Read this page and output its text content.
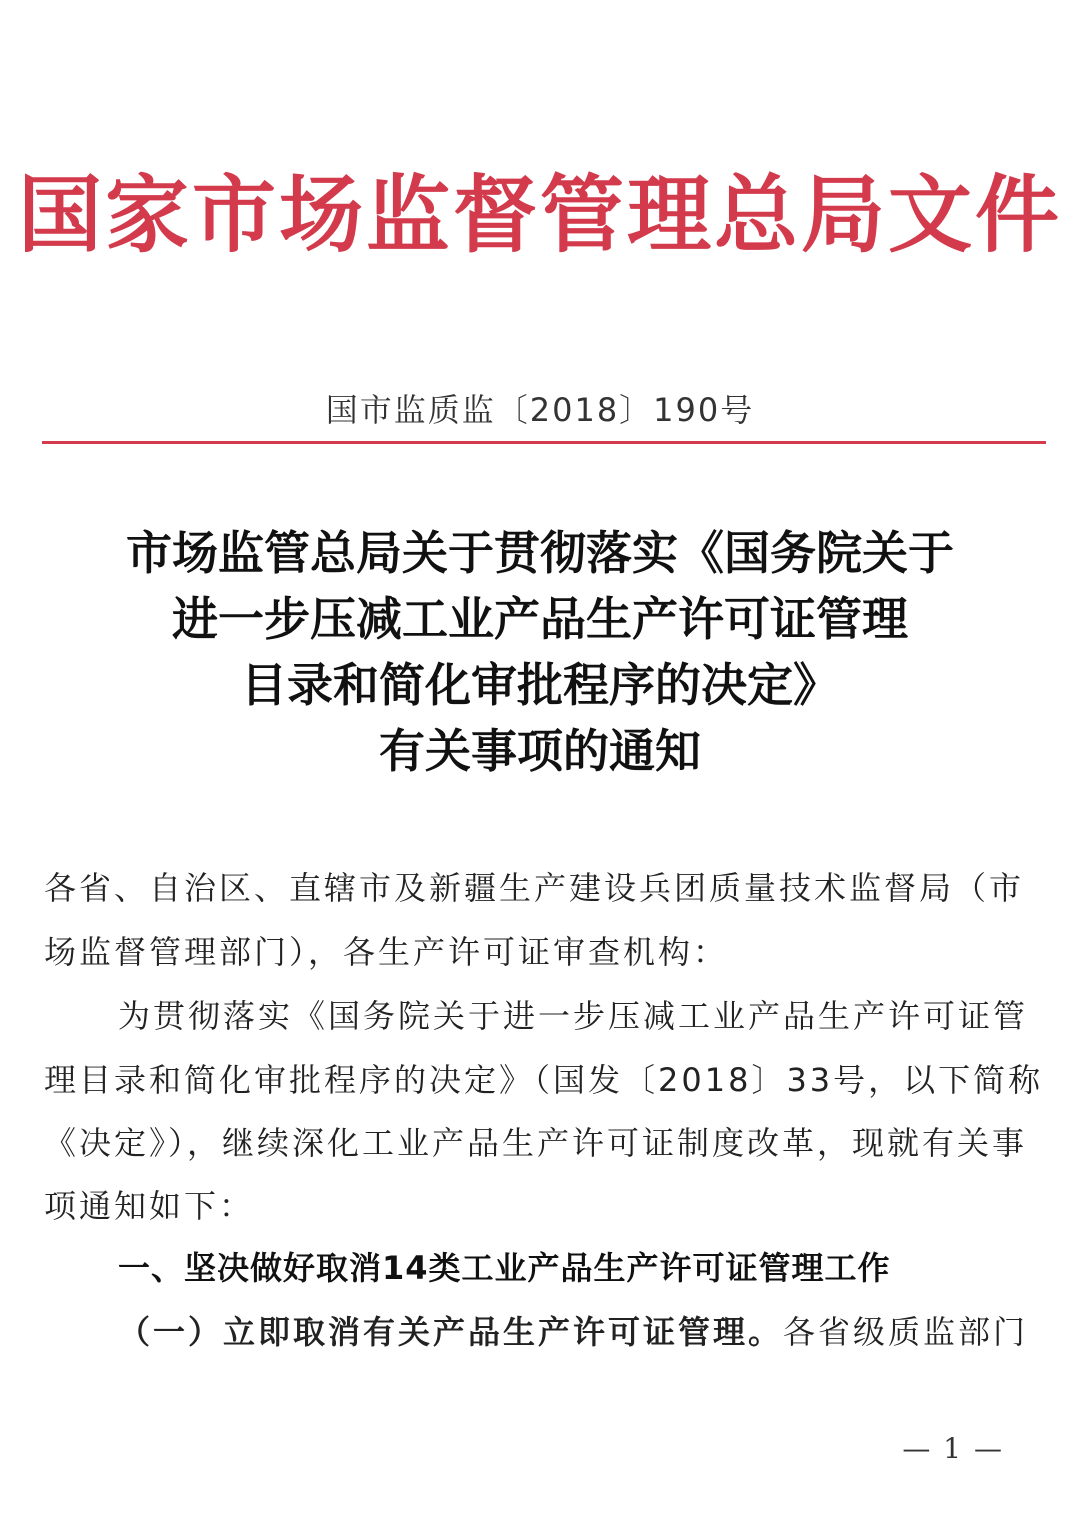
国家市场监督管理总局文件
国市监质监〔2018〕190号
市场监管总局关于贯彻落实《国务院关于
进一步压减工业产品生产许可证管理
目录和简化审批程序的决定》
有关事项的通知
各省、自治区、直辖市及新疆生产建设兵团质量技术监督局（市
场监督管理部门），各生产许可证审查机构：
为贯彻落实《国务院关于进一步压减工业产品生产许可证管
理目录和简化审批程序的决定》（国发〔2018〕33号，以下简称
《决定》），继续深化工业产品生产许可证制度改革，现就有关事
项通知如下：
一、坚决做好取消14类工业产品生产许可证管理工作
（一）立即取消有关产品生产许可证管理。各省级质监部门
— 1 —
